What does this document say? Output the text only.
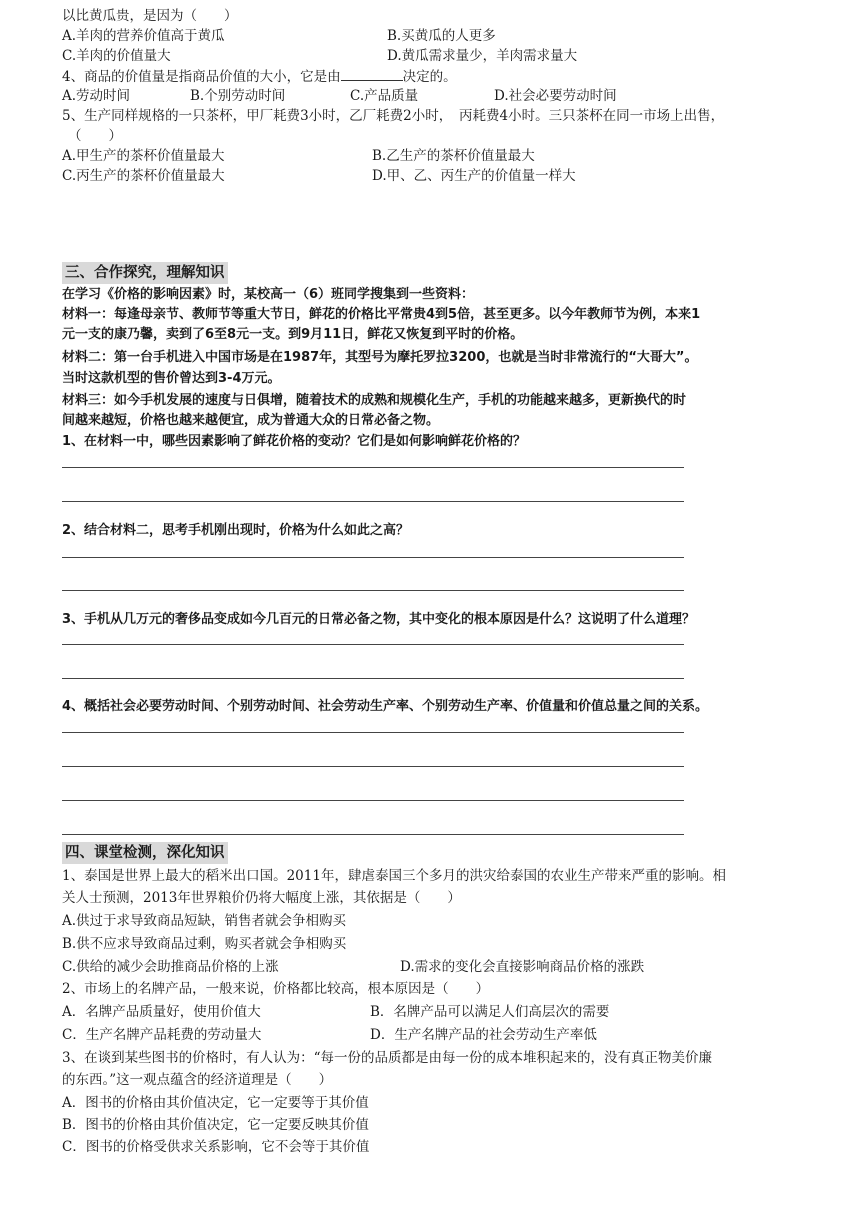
以比黄瓜贵，是因为（　　）
A.羊肉的营养价值高于黄瓜	B.买黄瓜的人更多
C.羊肉的价值量大	D.黄瓜需求量少，羊肉需求量大
4、商品的价值量是指商品价值的大小，它是由	决定的。
A.劳动时间	B.个别劳动时间	C.产品质量	D.社会必要劳动时间
5、生产同样规格的一只茶杯，甲厂耗费3小时，乙厂耗费2小时，　丙耗费4小时。三只茶杯在同一市场上出售，
（　　）
A.甲生产的茶杯价值量最大	B.乙生产的茶杯价值量最大
C.丙生产的茶杯价值量最大	D.甲、乙、丙生产的价值量一样大
三、合作探究，理解知识
在学习《价格的影响因素》时，某校高一（6）班同学搜集到一些资料：
材料一：每逢母亲节、教师节等重大节日，鲜花的价格比平常贵4到5倍，甚至更多。以今年教师节为例，本来1
元一支的康乃馨，卖到了6至8元一支。到9月11日，鲜花又恢复到平时的价格。
材料二：第一台手机进入中国市场是在1987年，其型号为摩托罗拉3200，也就是当时非常流行的“大哥大”。
当时这款机型的售价曾达到3-4万元。
材料三：如今手机发展的速度与日俱增，随着技术的成熟和规模化生产，手机的功能越来越多，更新换代的时
间越来越短，价格也越来越便宜，成为普通大众的日常必备之物。
1、在材料一中，哪些因素影响了鲜花价格的变动？它们是如何影响鲜花价格的？
2、结合材料二，思考手机刚出现时，价格为什么如此之高？
3、手机从几万元的奢侈品变成如今几百元的日常必备之物，其中变化的根本原因是什么？这说明了什么道理？
4、概括社会必要劳动时间、个别劳动时间、社会劳动生产率、个别劳动生产率、价值量和价值总量之间的关系。
四、课堂检测，深化知识
1、泰国是世界上最大的稻米出口国。2011年，肆虐泰国三个多月的洪灾给泰国的农业生产带来严重的影响。相
关人士预测，2013年世界粮价仍将大幅度上涨，其依据是（　　）
A.供过于求导致商品短缺，销售者就会争相购买
B.供不应求导致商品过剩，购买者就会争相购买
C.供给的减少会助推商品价格的上涨	D.需求的变化会直接影响商品价格的涨跌
2、市场上的名牌产品，一般来说，价格都比较高，根本原因是（　　）
A．名牌产品质量好，使用价值大	B．名牌产品可以满足人们高层次的需要
C．生产名牌产品耗费的劳动量大	D．生产名牌产品的社会劳动生产率低
3、在谈到某些图书的价格时，有人认为：“每一份的品质都是由每一份的成本堆积起来的，没有真正物美价廉
的东西。”这一观点蕴含的经济道理是（　　）
A．图书的价格由其价值决定，它一定要等于其价值
B．图书的价格由其价值决定，它一定要反映其价值
C．图书的价格受供求关系影响，它不会等于其价值
